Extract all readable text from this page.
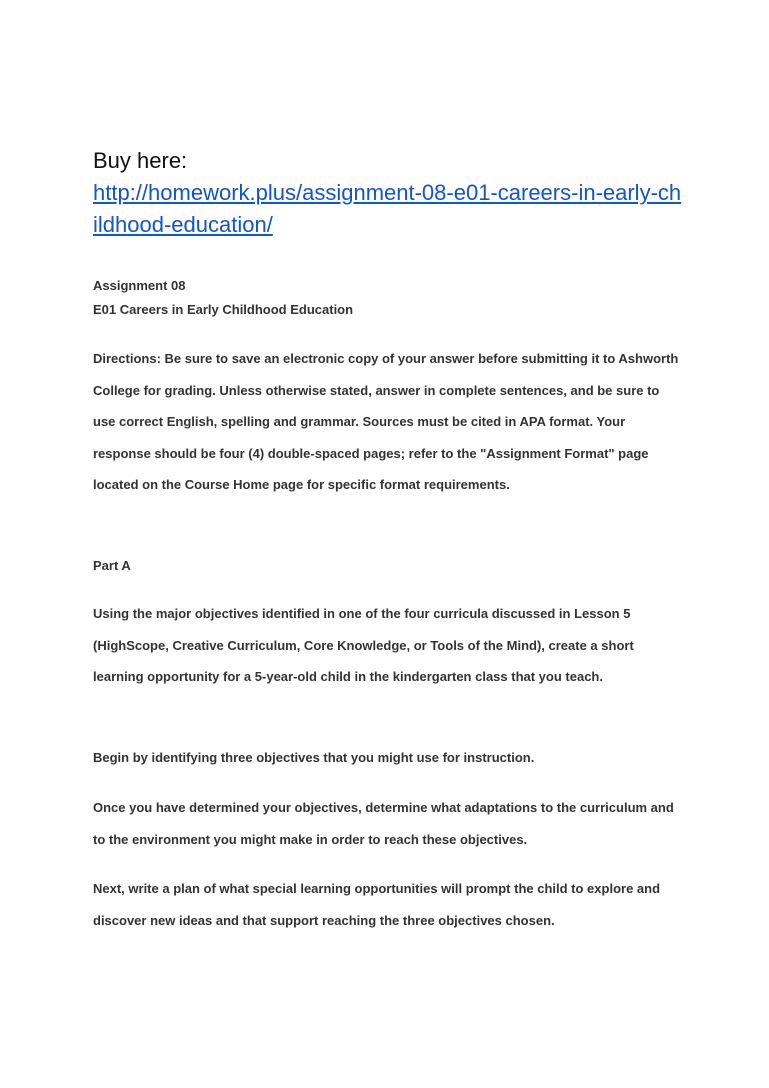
Buy here:
http://homework.plus/assignment-08-e01-careers-in-early-childhood-education/
Assignment 08
E01 Careers in Early Childhood Education
Directions: Be sure to save an electronic copy of your answer before submitting it to Ashworth College for grading. Unless otherwise stated, answer in complete sentences, and be sure to use correct English, spelling and grammar. Sources must be cited in APA format. Your response should be four (4) double-spaced pages; refer to the "Assignment Format" page located on the Course Home page for specific format requirements.
Part A
Using the major objectives identified in one of the four curricula discussed in Lesson 5 (HighScope, Creative Curriculum, Core Knowledge, or Tools of the Mind), create a short learning opportunity for a 5-year-old child in the kindergarten class that you teach.
Begin by identifying three objectives that you might use for instruction.
Once you have determined your objectives, determine what adaptations to the curriculum and to the environment you might make in order to reach these objectives.
Next, write a plan of what special learning opportunities will prompt the child to explore and discover new ideas and that support reaching the three objectives chosen.
